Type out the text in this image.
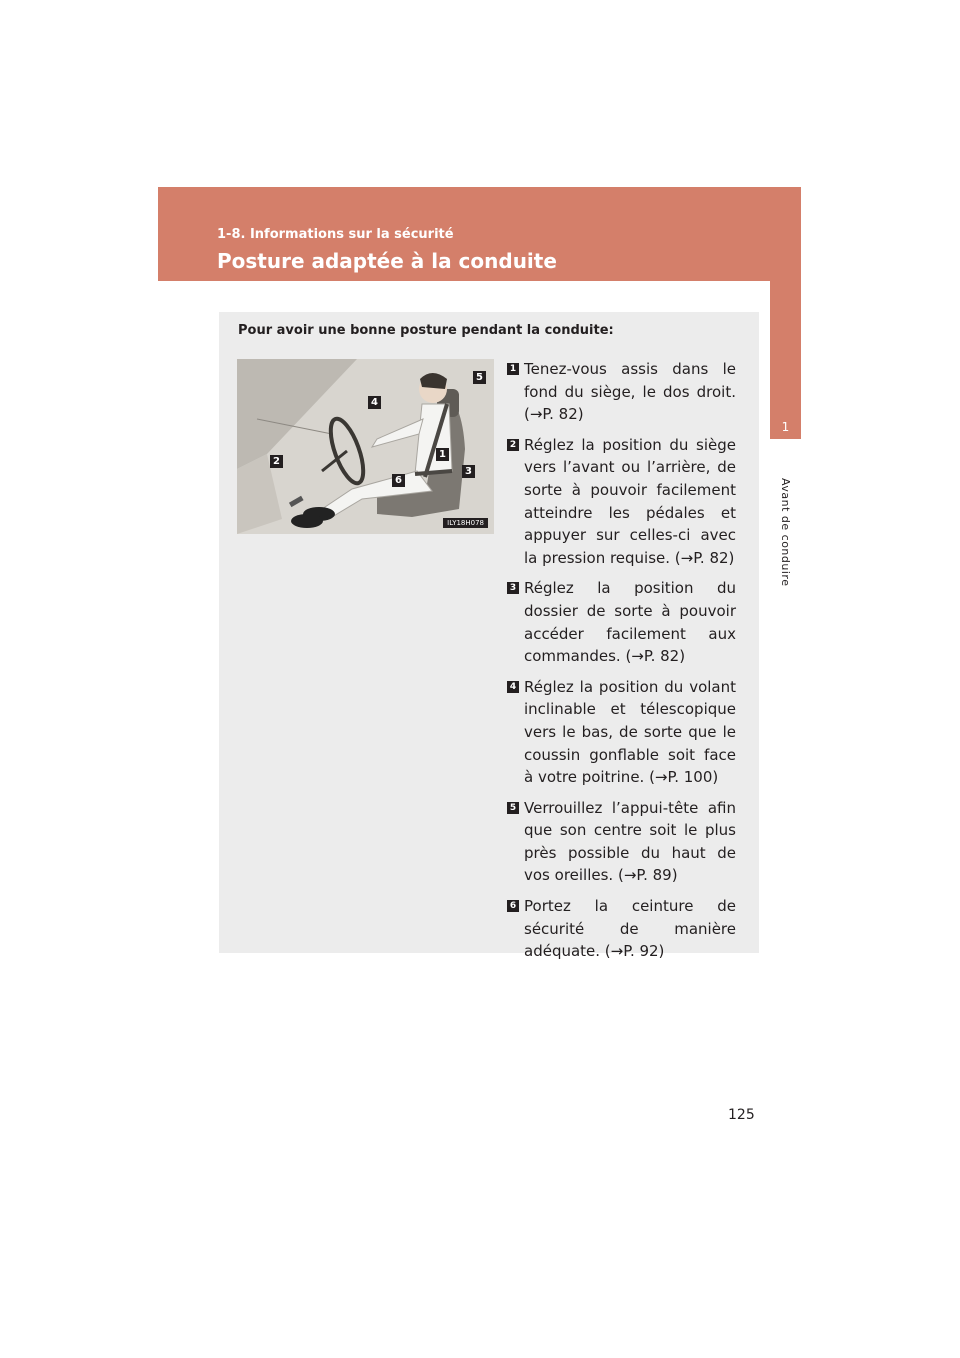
1-8. Informations sur la sécurité
Posture adaptée à la conduite
1
Avant de conduire
Pour avoir une bonne posture pendant la conduite:
5
4
2
1
6
3
ILY18H078
1 Tenez-vous assis dans le fond du siège, le dos droit. (→P. 82)
2 Réglez la position du siège vers l’avant ou l’arrière, de sorte à pouvoir facilement atteindre les pédales et appuyer sur celles-ci avec la pression requise. (→P. 82)
3 Réglez la position du dossier de sorte à pouvoir accéder facilement aux commandes. (→P. 82)
4 Réglez la position du volant inclinable et télescopique vers le bas, de sorte que le coussin gonflable soit face à votre poitrine. (→P. 100)
5 Verrouillez l’appui-tête afin que son centre soit le plus près possible du haut de vos oreilles. (→P. 89)
6 Portez la ceinture de sécurité de manière adéquate. (→P. 92)
125
